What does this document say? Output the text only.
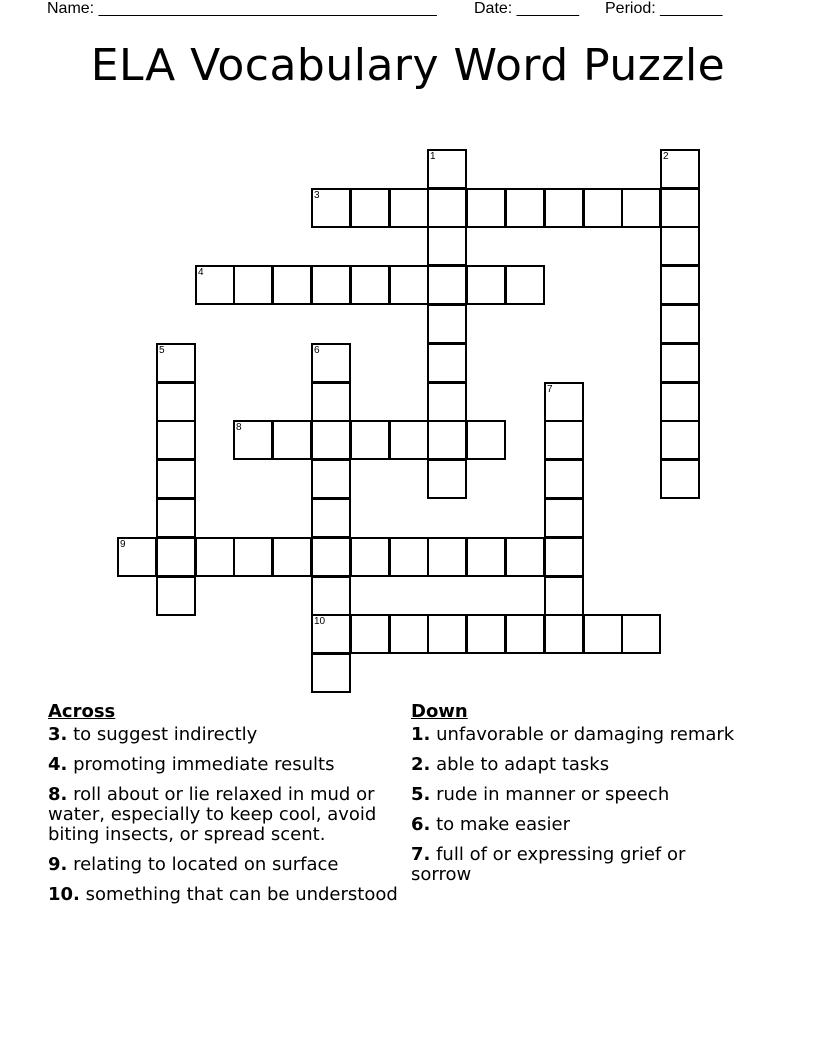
Name: ______________________________________ Date: _______ Period: _______
ELA Vocabulary Word Puzzle
1	2
3
4
5	6
7
8
9
10
Across
3. to suggest indirectly
4. promoting immediate results
8. roll about or lie relaxed in mud or water, especially to keep cool, avoid biting insects, or spread scent.
9. relating to located on surface
10. something that can be understood
Down
1. unfavorable or damaging remark
2. able to adapt tasks
5. rude in manner or speech
6. to make easier
7. full of or expressing grief or sorrow
